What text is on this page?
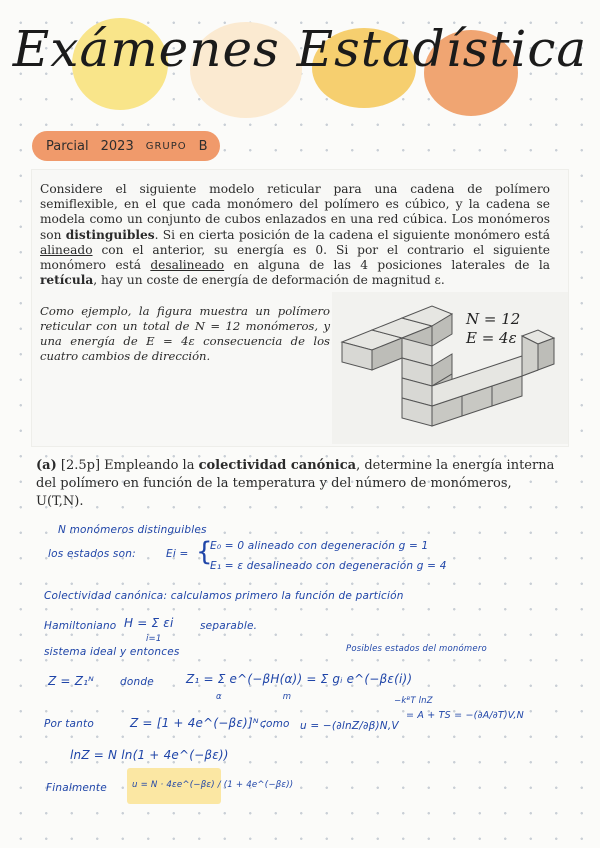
Exámenes Estadística
Parcial 2023 GRUPO B
Considere el siguiente modelo reticular para una cadena de polímero semiflexible, en el que cada monómero del polímero es cúbico, y la cadena se modela como un conjunto de cubos enlazados en una red cúbica. Los monómeros son distinguibles. Si en cierta posición de la cadena el siguiente monómero está alineado con el anterior, su energía es 0. Si por el contrario el siguiente monómero está desalineado en alguna de las 4 posiciones laterales de la retícula, hay un coste de energía de deformación de magnitud ε.
Como ejemplo, la figura muestra un polímero reticular con un total de N = 12 monómeros, y una energía de E = 4ε consecuencia de los cuatro cambios de dirección.
N = 12
E = 4ε
(a) [2.5p] Empleando la colectividad canónica, determine la energía interna del polímero en función de la temperatura y del número de monómeros, U(T,N).
N monómeros distinguibles
los estados son:	Ei = {
E₀ = 0 alineado con degeneración g = 1
E₁ = ε desalineado con degeneración g = 4
Colectividad canónica: calculamos primero la función de partición
Hamiltoniano H = Σ εi
i=1
separable.
sistema ideal y entonces	Posibles estados del monómero
Z = Z₁ᴺ donde	Z₁ = Σ e^(−βH(α)) = Σ gᵢ e^(−βε(i))
α                     m
Por tanto	Z = [1 + 4e^(−βε)]ᴺ ;
como
−kᴮT lnZ
u = −(∂lnZ/∂β)N,V
= A + TS = −(∂A/∂T)V,N
lnZ = N ln(1 + 4e^(−βε))
Finalmente	u = N · 4εe^(−βε) / (1 + 4e^(−βε))
